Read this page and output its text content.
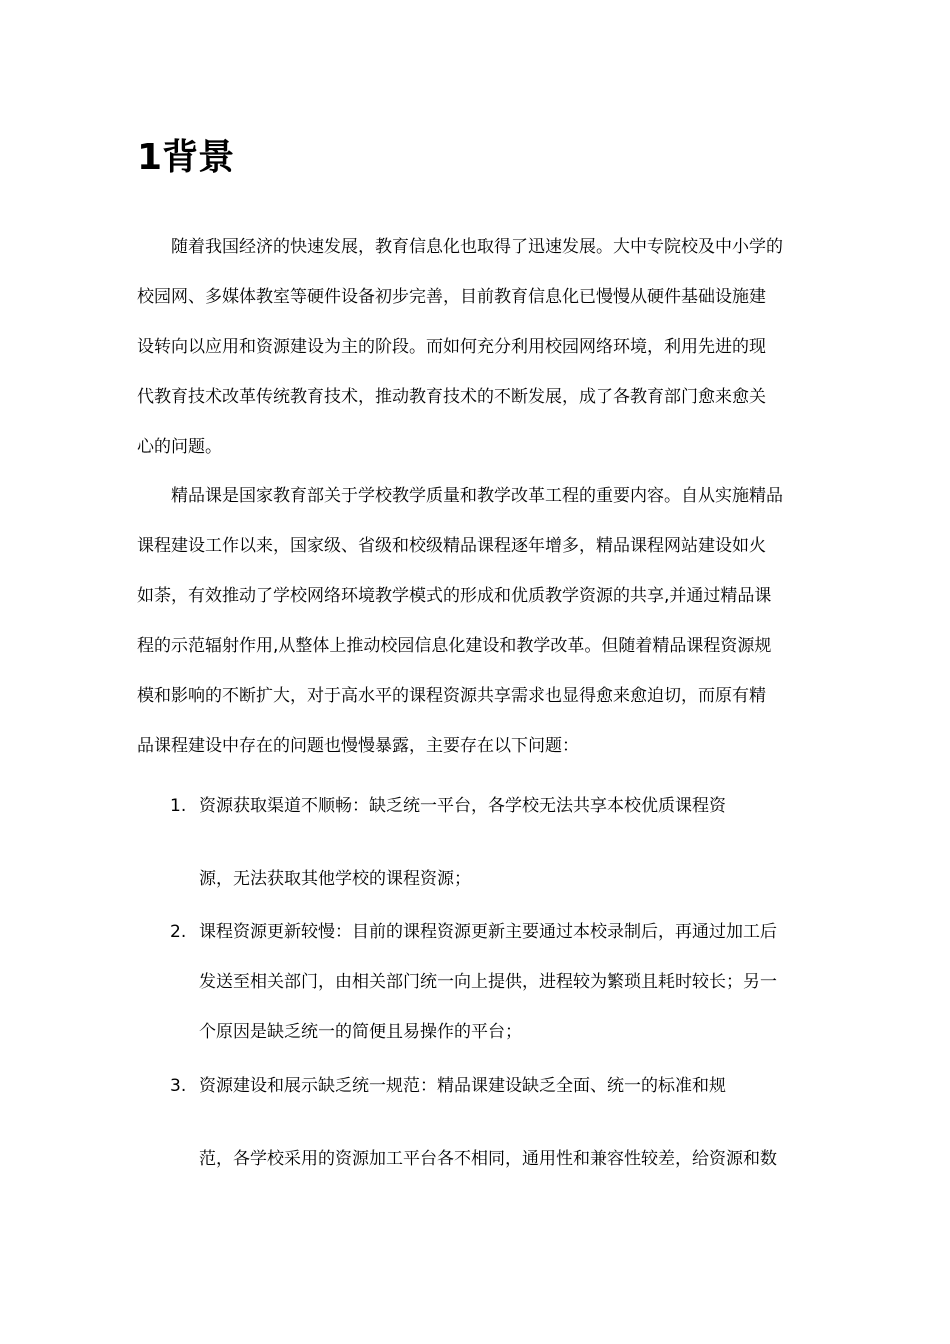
1背景
随着我国经济的快速发展，教育信息化也取得了迅速发展。大中专院校及中小学的
校园网、多媒体教室等硬件设备初步完善，目前教育信息化已慢慢从硬件基础设施建
设转向以应用和资源建设为主的阶段。而如何充分利用校园网络环境，利用先进的现
代教育技术改革传统教育技术，推动教育技术的不断发展，成了各教育部门愈来愈关
心的问题。
精品课是国家教育部关于学校教学质量和教学改革工程的重要内容。自从实施精品
课程建设工作以来，国家级、省级和校级精品课程逐年增多，精品课程网站建设如火
如荼，有效推动了学校网络环境教学模式的形成和优质教学资源的共享,并通过精品课
程的示范辐射作用,从整体上推动校园信息化建设和教学改革。但随着精品课程资源规
模和影响的不断扩大，对于高水平的课程资源共享需求也显得愈来愈迫切，而原有精
品课程建设中存在的问题也慢慢暴露，主要存在以下问题：
1. 资源获取渠道不顺畅：缺乏统一平台，各学校无法共享本校优质课程资
源，无法获取其他学校的课程资源；
2. 课程资源更新较慢：目前的课程资源更新主要通过本校录制后，再通过加工后
发送至相关部门，由相关部门统一向上提供，进程较为繁琐且耗时较长；另一
个原因是缺乏统一的简便且易操作的平台；
3. 资源建设和展示缺乏统一规范：精品课建设缺乏全面、统一的标准和规
范，各学校采用的资源加工平台各不相同，通用性和兼容性较差，给资源和数
